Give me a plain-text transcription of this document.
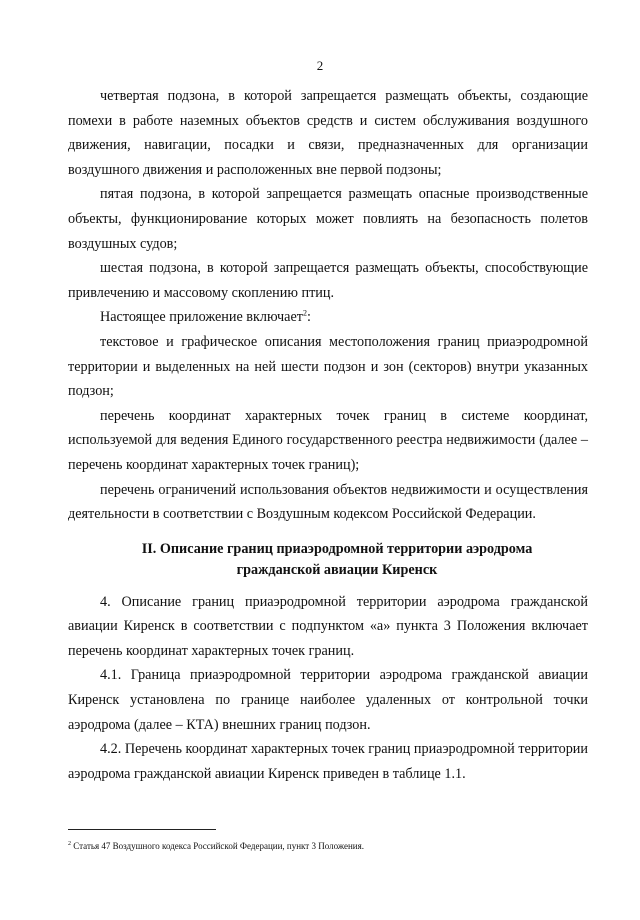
2

четвертая подзона, в которой запрещается размещать объекты, создающие помехи в работе наземных объектов средств и систем обслуживания воздушного движения, навигации, посадки и связи, предназначенных для организации воздушного движения и расположенных вне первой подзоны;

пятая подзона, в которой запрещается размещать опасные производственные объекты, функционирование которых может повлиять на безопасность полетов воздушных судов;

шестая подзона, в которой запрещается размещать объекты, способствующие привлечению и массовому скоплению птиц.

Настоящее приложение включает$^2$:

текстовое и графическое описания местоположения границ приаэродромной территории и выделенных на ней шести подзон и зон (секторов) внутри указанных подзон;

перечень координат характерных точек границ в системе координат, используемой для ведения Единого государственного реестра недвижимости (далее – перечень координат характерных точек границ);

перечень ограничений использования объектов недвижимости и осуществления деятельности в соответствии с Воздушным кодексом Российской Федерации.

II. Описание границ приаэродромной территории аэродрома
гражданской авиации Киренск

4. Описание границ приаэродромной территории аэродрома гражданской авиации Киренск в соответствии с подпунктом «а» пункта 3 Положения включает перечень координат характерных точек границ.

4.1. Граница приаэродромной территории аэродрома гражданской авиации Киренск установлена по границе наиболее удаленных от контрольной точки аэродрома (далее – КТА) внешних границ подзон.

4.2. Перечень координат характерных точек границ приаэродромной территории аэродрома гражданской авиации Киренск приведен в таблице 1.1.

$^2$ Статья 47 Воздушного кодекса Российской Федерации, пункт 3 Положения.
